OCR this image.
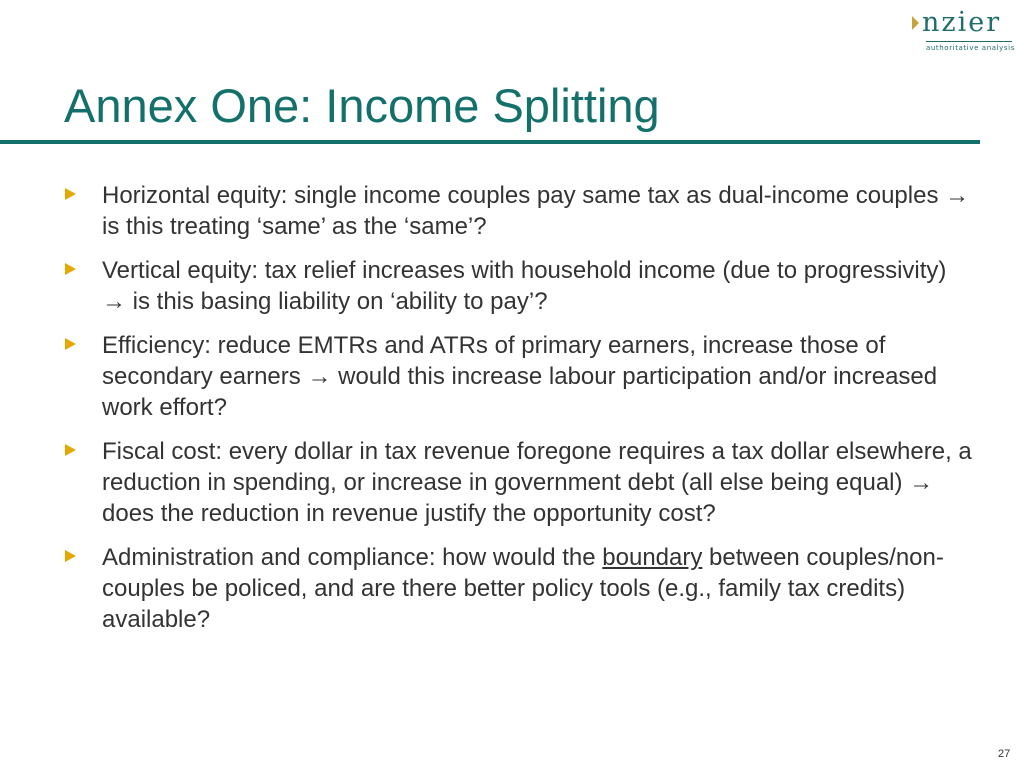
nzier
authoritative analysis
Annex One: Income Splitting
Horizontal equity: single income couples pay same tax as dual-income couples → is this treating ‘same’ as the ‘same’?
Vertical equity: tax relief increases with household income (due to progressivity) → is this basing liability on ‘ability to pay’?
Efficiency: reduce EMTRs and ATRs of primary earners, increase those of secondary earners → would this increase labour participation and/or increased work effort?
Fiscal cost: every dollar in tax revenue foregone requires a tax dollar elsewhere, a reduction in spending, or increase in government debt (all else being equal) → does the reduction in revenue justify the opportunity cost?
Administration and compliance: how would the boundary between couples/non-couples be policed, and are there better policy tools (e.g., family tax credits) available?
27
